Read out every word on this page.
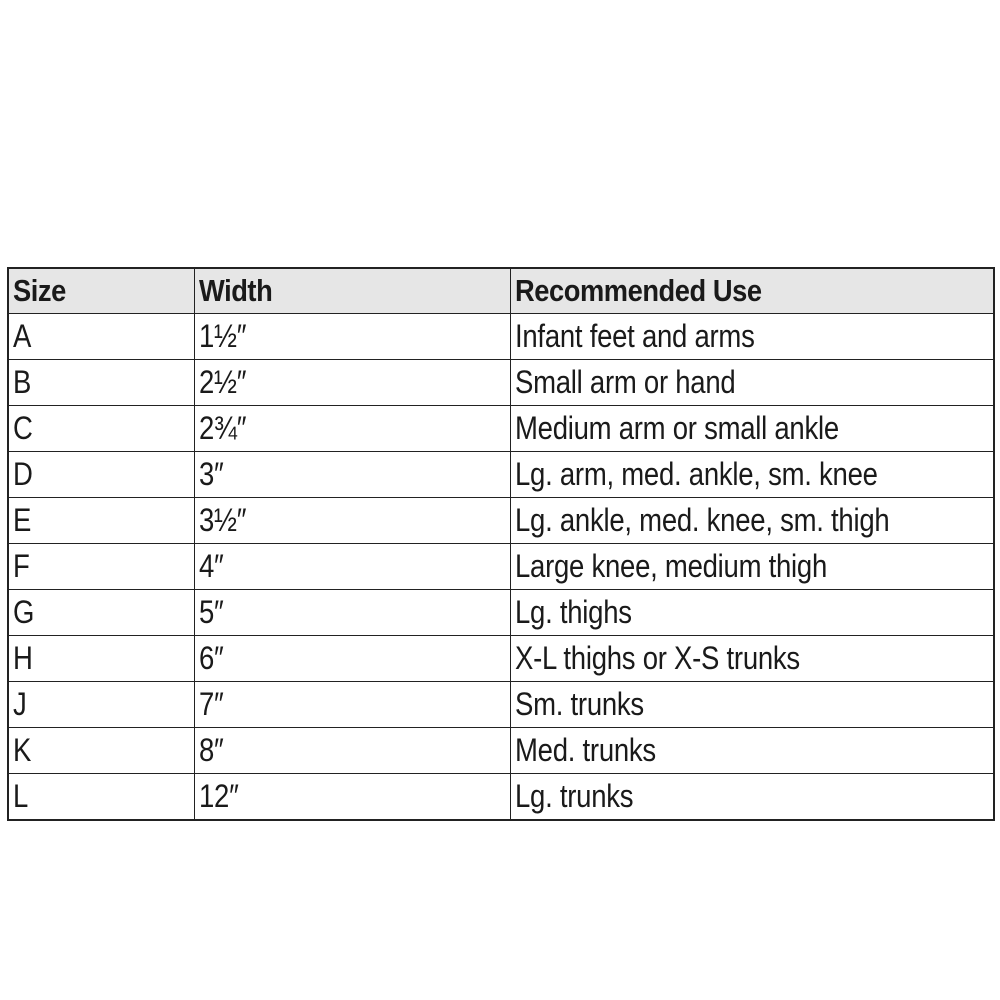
Size	Width	Recommended Use
A	1½″	Infant feet and arms
B	2½″	Small arm or hand
C	2¾″	Medium arm or small ankle
D	3″	Lg. arm, med. ankle, sm. knee
E	3½″	Lg. ankle, med. knee, sm. thigh
F	4″	Large knee, medium thigh
G	5″	Lg. thighs
H	6″	X-L thighs or X-S trunks
J	7″	Sm. trunks
K	8″	Med. trunks
L	12″	Lg. trunks
